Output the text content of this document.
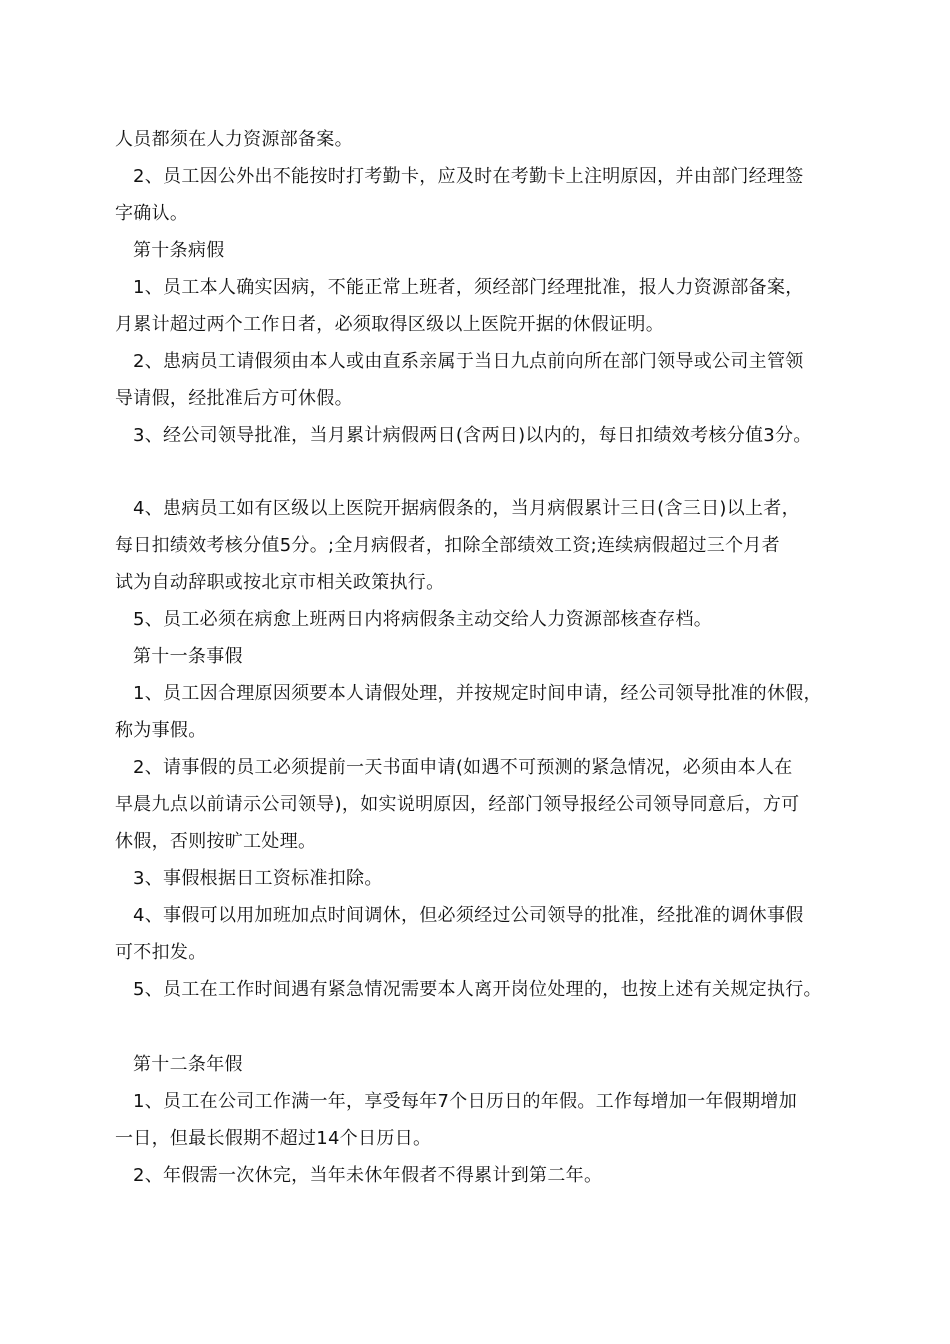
人员都须在人力资源部备案。
2、员工因公外出不能按时打考勤卡，应及时在考勤卡上注明原因，并由部门经理签
字确认。
第十条病假
1、员工本人确实因病，不能正常上班者，须经部门经理批准，报人力资源部备案，
月累计超过两个工作日者，必须取得区级以上医院开据的休假证明。
2、患病员工请假须由本人或由直系亲属于当日九点前向所在部门领导或公司主管领
导请假，经批准后方可休假。
3、经公司领导批准，当月累计病假两日(含两日)以内的，每日扣绩效考核分值3分。
4、患病员工如有区级以上医院开据病假条的，当月病假累计三日(含三日)以上者，
每日扣绩效考核分值5分。;全月病假者，扣除全部绩效工资;连续病假超过三个月者
试为自动辞职或按北京市相关政策执行。
5、员工必须在病愈上班两日内将病假条主动交给人力资源部核查存档。
第十一条事假
1、员工因合理原因须要本人请假处理，并按规定时间申请，经公司领导批准的休假，
称为事假。
2、请事假的员工必须提前一天书面申请(如遇不可预测的紧急情况，必须由本人在
早晨九点以前请示公司领导)，如实说明原因，经部门领导报经公司领导同意后，方可
休假，否则按旷工处理。
3、事假根据日工资标准扣除。
4、事假可以用加班加点时间调休，但必须经过公司领导的批准，经批准的调休事假
可不扣发。
5、员工在工作时间遇有紧急情况需要本人离开岗位处理的，也按上述有关规定执行。
第十二条年假
1、员工在公司工作满一年，享受每年7个日历日的年假。工作每增加一年假期增加
一日，但最长假期不超过14个日历日。
2、年假需一次休完，当年未休年假者不得累计到第二年。
